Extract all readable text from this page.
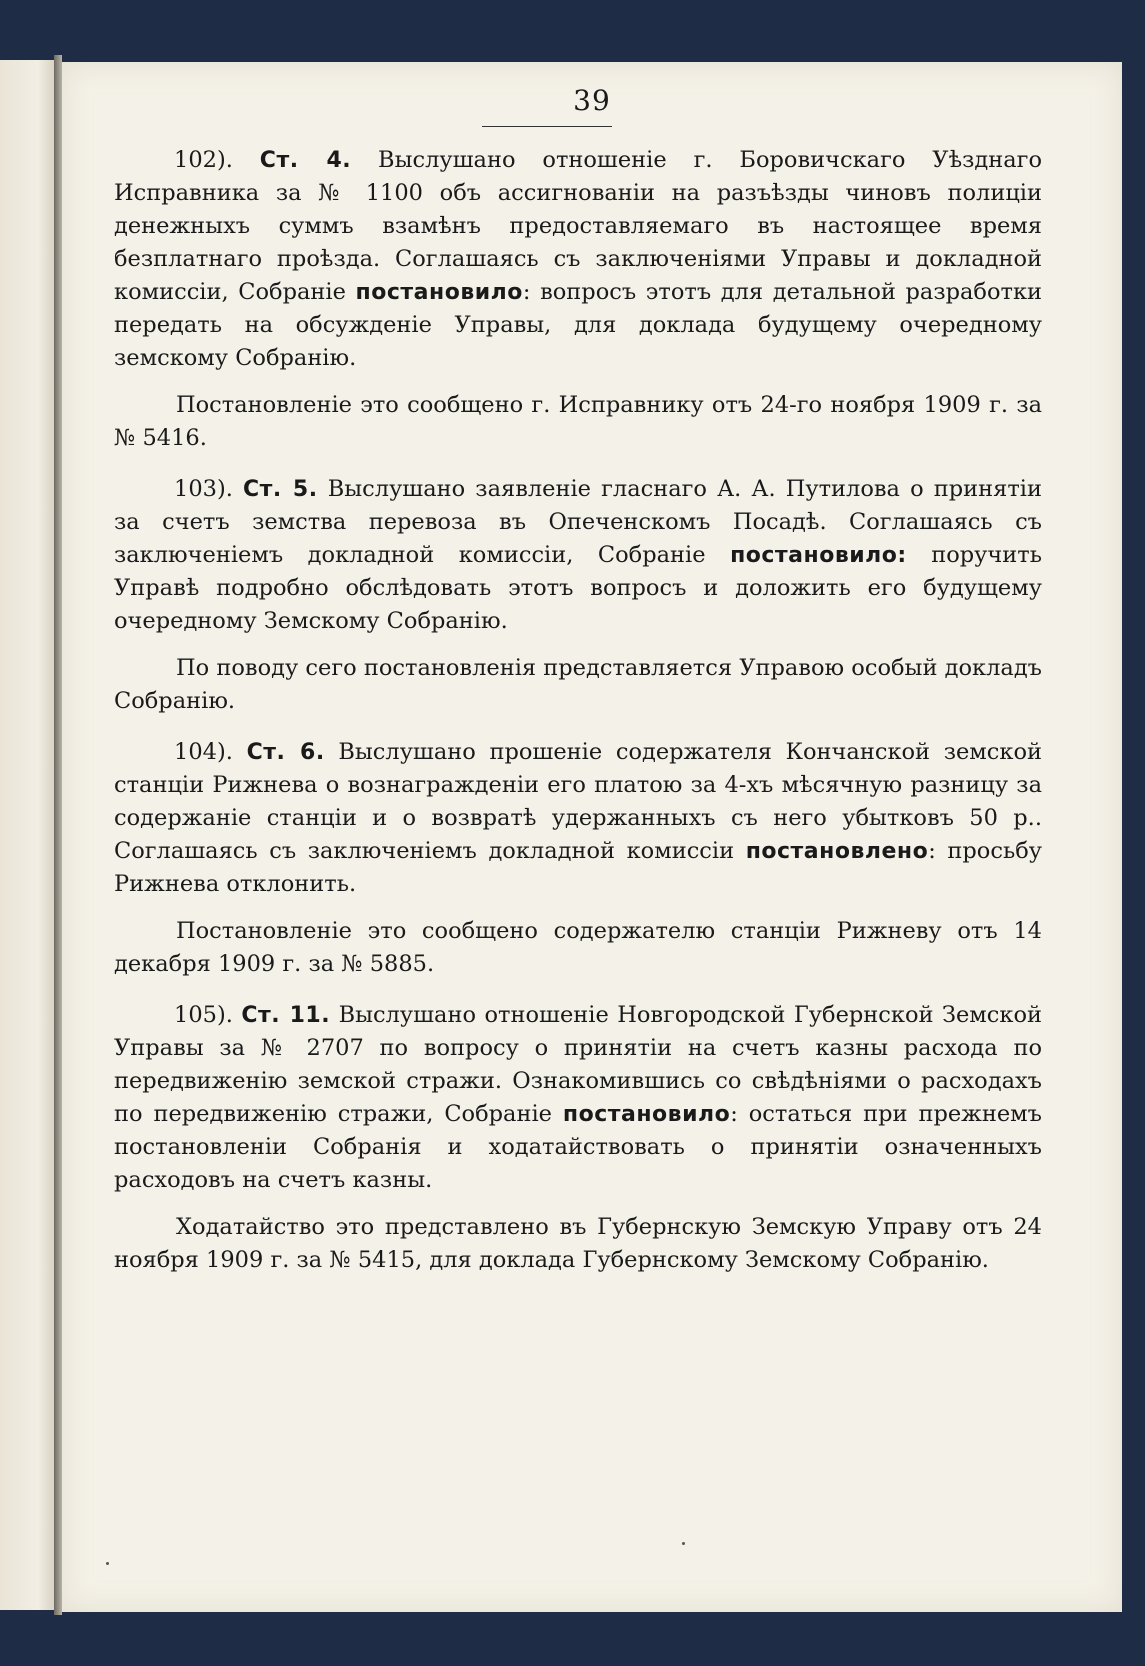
39

102). Ст. 4. Выслушано отношеніе г. Боровичскаго Уѣзднаго Исправника за № 1100 объ ассигнованіи на разъѣзды чиновъ полиціи денежныхъ суммъ взамѣнъ предоставляемаго въ настоящее время безплатнаго проѣзда. Соглашаясь съ заключеніями Управы и докладной комиссіи, Собраніе постановило: вопросъ этотъ для детальной разработки передать на обсужденіе Управы, для доклада будущему очередному земскому Собранію.

Постановленіе это сообщено г. Исправнику отъ 24-го ноября 1909 г. за № 5416.

103). Ст. 5. Выслушано заявленіе гласнаго А. А. Путилова о принятіи за счетъ земства перевоза въ Опеченскомъ Посадѣ. Соглашаясь съ заключеніемъ докладной комиссіи, Собраніе постановило: поручить Управѣ подробно обслѣдовать этотъ вопросъ и доложить его будущему очередному Земскому Собранію.

По поводу сего постановленія представляется Управою особый докладъ Собранію.

104). Ст. 6. Выслушано прошеніе содержателя Кончанской земской станціи Рижнева о вознагражденіи его платою за 4-хъ мѣсячную разницу за содержаніе станціи и о возвратѣ удержанныхъ съ него убытковъ 50 р.. Соглашаясь съ заключеніемъ докладной комиссіи постановлено: просьбу Рижнева отклонить.

Постановленіе это сообщено содержателю станціи Рижневу отъ 14 декабря 1909 г. за № 5885.

105). Ст. 11. Выслушано отношеніе Новгородской Губернской Земской Управы за № 2707 по вопросу о принятіи на счетъ казны расхода по передвиженію земской стражи. Ознакомившись со свѣдѣніями о расходахъ по передвиженію стражи, Собраніе постановило: остаться при прежнемъ постановленіи Собранія и ходатайствовать о принятіи означенныхъ расходовъ на счетъ казны.

Ходатайство это представлено въ Губернскую Земскую Управу отъ 24 ноября 1909 г. за № 5415, для доклада Губернскому Земскому Собранію.
